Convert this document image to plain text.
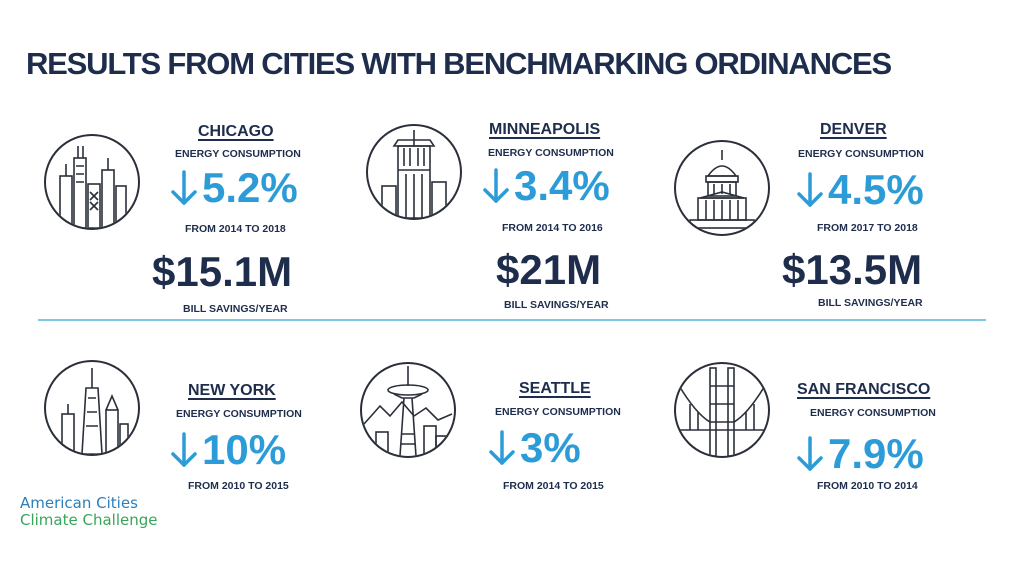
RESULTS FROM CITIES WITH BENCHMARKING ORDINANCES
CHICAGO
ENERGY CONSUMPTION
5.2%
FROM 2014 TO 2018
$15.1M
BILL SAVINGS/YEAR
MINNEAPOLIS
ENERGY CONSUMPTION
3.4%
FROM 2014 TO 2016
$21M
BILL SAVINGS/YEAR
DENVER
ENERGY CONSUMPTION
4.5%
FROM 2017 TO 2018
$13.5M
BILL SAVINGS/YEAR
NEW YORK
ENERGY CONSUMPTION
10%
FROM 2010 TO 2015
SEATTLE
ENERGY CONSUMPTION
3%
FROM 2014 TO 2015
SAN FRANCISCO
ENERGY CONSUMPTION
7.9%
FROM 2010 TO 2014
American Cities
Climate Challenge
